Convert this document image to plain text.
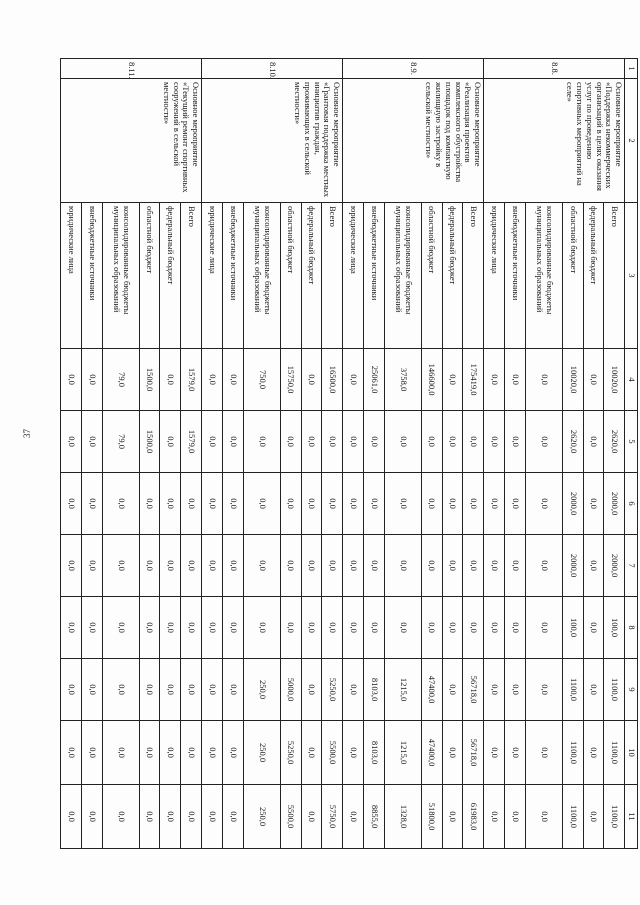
37
1	2	3	4	5	6	7	8	9	10	11
8.8.	Основное мероприятие «Поддержка некоммерческих организаций в целях оказания услуг по проведению спортивных мероприятий на селе»	Всего	10020,0	2620,0	2000,0	2000,0	100,0	1100,0	1100,0	1100,0
		федеральный бюджет	0,0	0,0	0,0	0,0	0,0	0,0	0,0	0,0
		областной бюджет	10020,0	2620,0	2000,0	2000,0	100,0	1100,0	1100,0	1100,0
		консолидированные бюджеты муниципальных образований	0,0	0,0	0,0	0,0	0,0	0,0	0,0	0,0
		внебюджетные источники	0,0	0,0	0,0	0,0	0,0	0,0	0,0	0,0
		юридические лица	0,0	0,0	0,0	0,0	0,0	0,0	0,0	0,0
8.9.	Основное мероприятие «Реализация проектов комплексного обустройства площадок под компактную жилищную застройку в сельской местности»	Всего	175419,0	0,0	0,0	0,0	0,0	56718,0	56718,0	61983,0
		федеральный бюджет	0,0	0,0	0,0	0,0	0,0	0,0	0,0	0,0
		областной бюджет	146600,0	0,0	0,0	0,0	0,0	47400,0	47400,0	51800,0
		консолидированные бюджеты муниципальных образований	3758,0	0,0	0,0	0,0	0,0	1215,0	1215,0	1328,0
		внебюджетные источники	25061,0	0,0	0,0	0,0	0,0	8103,0	8103,0	8855,0
		юридические лица	0,0	0,0	0,0	0,0	0,0	0,0	0,0	0,0
8.10.	Основное мероприятие «Грантовая поддержка местных инициатив граждан, проживающих в сельской местности»	Всего	16500,0	0,0	0,0	0,0	0,0	5250,0	5500,0	5750,0
		федеральный бюджет	0,0	0,0	0,0	0,0	0,0	0,0	0,0	0,0
		областной бюджет	15750,0	0,0	0,0	0,0	0,0	5000,0	5250,0	5500,0
		консолидированные бюджеты муниципальных образований	750,0	0,0	0,0	0,0	0,0	250,0	250,0	250,0
		внебюджетные источники	0,0	0,0	0,0	0,0	0,0	0,0	0,0	0,0
		юридические лица	0,0	0,0	0,0	0,0	0,0	0,0	0,0	0,0
8.11.	Основное мероприятие «Текущий ремонт спортивных сооружений в сельской местности»	Всего	1579,0	1579,0	0,0	0,0	0,0	0,0	0,0	0,0
		федеральный бюджет	0,0	0,0	0,0	0,0	0,0	0,0	0,0	0,0
		областной бюджет	1500,0	1500,0	0,0	0,0	0,0	0,0	0,0	0,0
		консолидированные бюджеты муниципальных образований	79,0	79,0	0,0	0,0	0,0	0,0	0,0	0,0
		внебюджетные источники	0,0	0,0	0,0	0,0	0,0	0,0	0,0	0,0
		юридические лица	0,0	0,0	0,0	0,0	0,0	0,0	0,0	0,0
